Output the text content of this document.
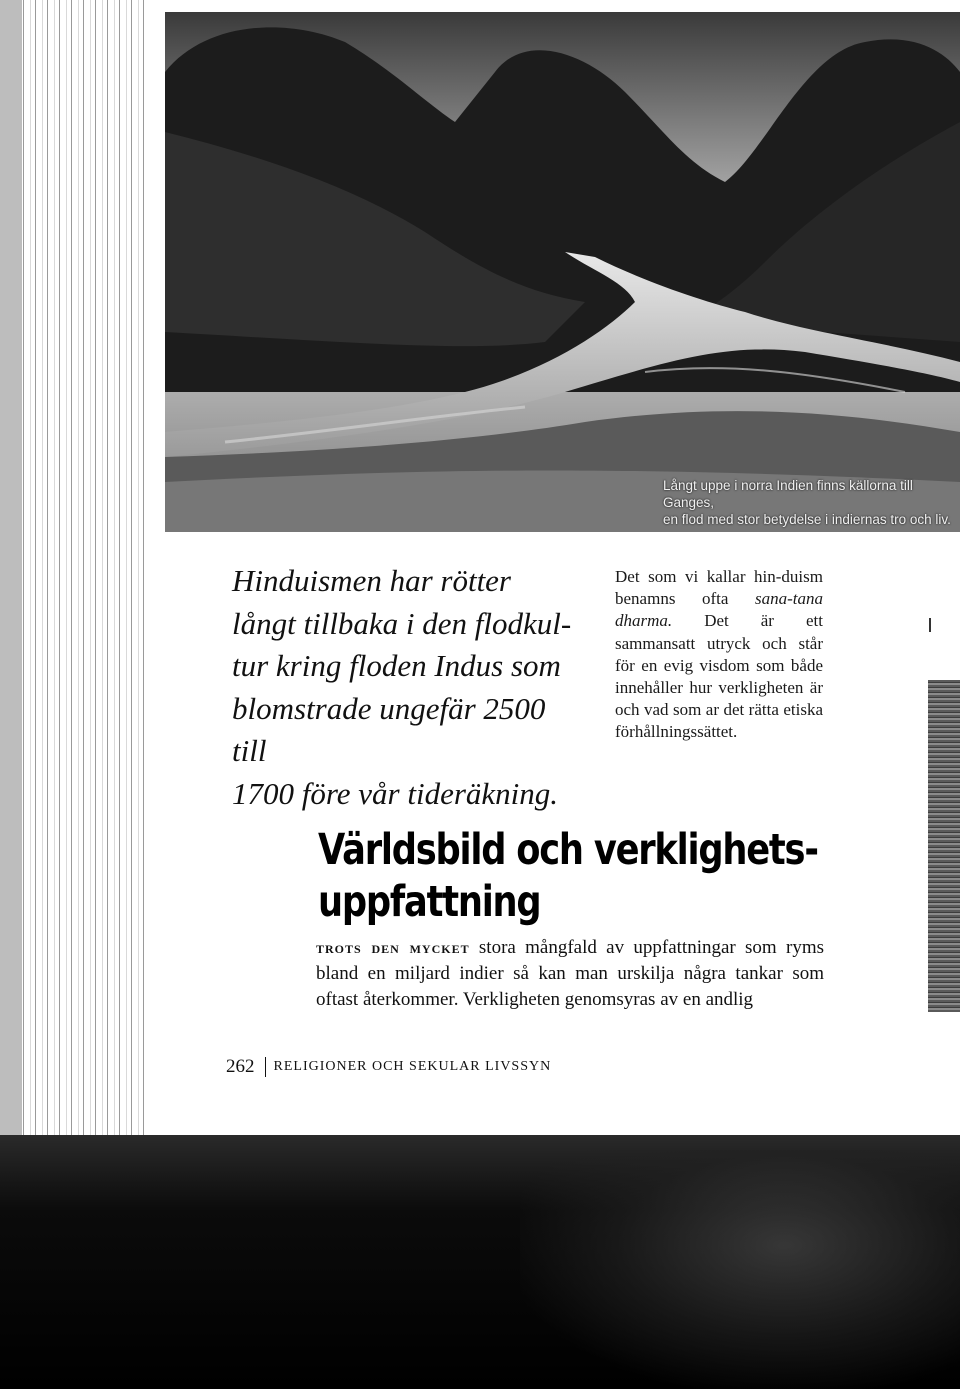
Långt uppe i norra Indien finns källorna till Ganges,
en flod med stor betydelse i indiernas tro och liv.
Hinduismen har rötter
långt tillbaka i den flodkul-
tur kring floden Indus som
blomstrade ungefär 2500 till
1700 före vår tideräkning.
Det som vi kallar hin-duism benamns ofta sana-tana dharma. Det är ett sammansatt utryck och står för en evig visdom som både innehåller hur verkligheten är och vad som ar det rätta etiska förhållningssättet.
Världsbild och verklighets-
uppfattning
trots den mycket stora mångfald av uppfattningar som ryms bland en miljard indier så kan man urskilja några tankar som oftast återkommer. Verkligheten genomsyras av en andlig
262 RELIGIONER OCH SEKULAR LIVSSYN
